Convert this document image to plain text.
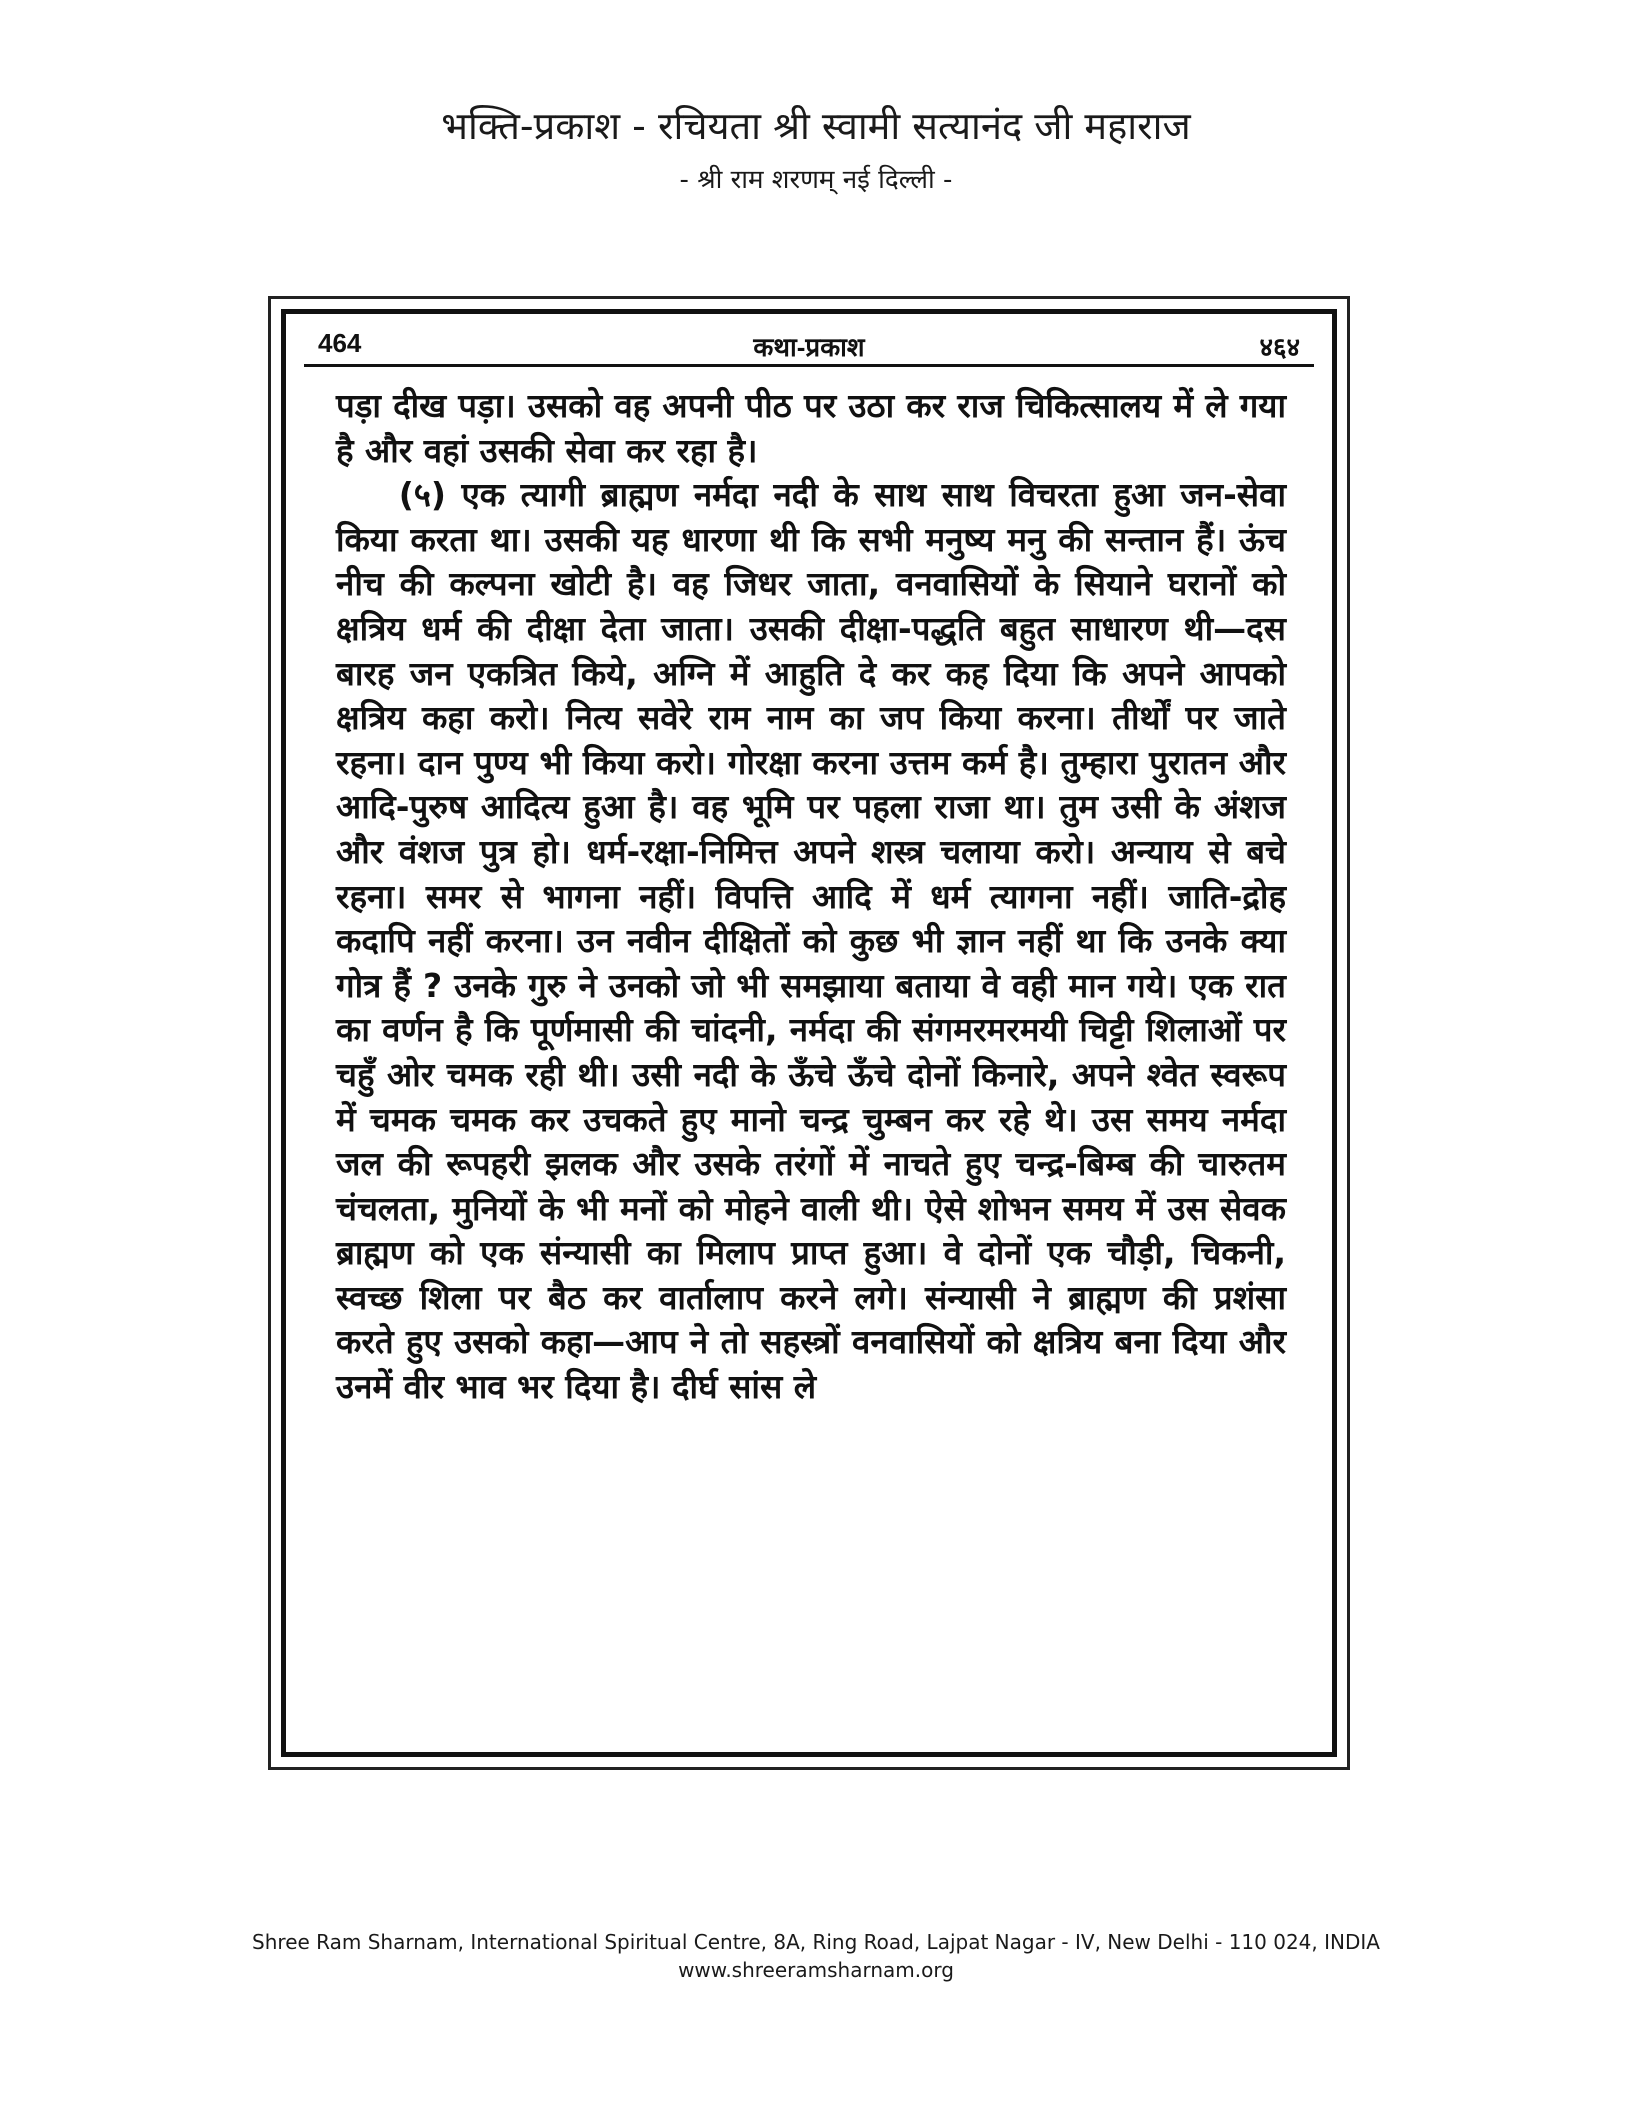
भक्ति-प्रकाश - रचियता श्री स्वामी सत्यानंद जी महाराज
- श्री राम शरणम् नई दिल्ली -
464	कथा-प्रकाश	४६४

पड़ा दीख पड़ा। उसको वह अपनी पीठ पर उठा कर राज चिकित्सालय में ले गया है और वहां उसकी सेवा कर रहा है।

(५) एक त्यागी ब्राह्मण नर्मदा नदी के साथ साथ विचरता हुआ जन-सेवा किया करता था। उसकी यह धारणा थी कि सभी मनुष्य मनु की सन्तान हैं। ऊंच नीच की कल्पना खोटी है। वह जिधर जाता, वनवासियों के सियाने घरानों को क्षत्रिय धर्म की दीक्षा देता जाता। उसकी दीक्षा-पद्धति बहुत साधारण थी—दस बारह जन एकत्रित किये, अग्नि में आहुति दे कर कह दिया कि अपने आपको क्षत्रिय कहा करो। नित्य सवेरे राम नाम का जप किया करना। तीर्थों पर जाते रहना। दान पुण्य भी किया करो। गोरक्षा करना उत्तम कर्म है। तुम्हारा पुरातन और आदि-पुरुष आदित्य हुआ है। वह भूमि पर पहला राजा था। तुम उसी के अंशज और वंशज पुत्र हो। धर्म-रक्षा-निमित्त अपने शस्त्र चलाया करो। अन्याय से बचे रहना। समर से भागना नहीं। विपत्ति आदि में धर्म त्यागना नहीं। जाति-द्रोह कदापि नहीं करना। उन नवीन दीक्षितों को कुछ भी ज्ञान नहीं था कि उनके क्या गोत्र हैं ? उनके गुरु ने उनको जो भी समझाया बताया वे वही मान गये। एक रात का वर्णन है कि पूर्णमासी की चांदनी, नर्मदा की संगमरमरमयी चिट्टी शिलाओं पर चहुँ ओर चमक रही थी। उसी नदी के ऊँचे ऊँचे दोनों किनारे, अपने श्वेत स्वरूप में चमक चमक कर उचकते हुए मानो चन्द्र चुम्बन कर रहे थे। उस समय नर्मदा जल की रूपहरी झलक और उसके तरंगों में नाचते हुए चन्द्र-बिम्ब की चारुतम चंचलता, मुनियों के भी मनों को मोहने वाली थी। ऐसे शोभन समय में उस सेवक ब्राह्मण को एक संन्यासी का मिलाप प्राप्त हुआ। वे दोनों एक चौड़ी, चिकनी, स्वच्छ शिला पर बैठ कर वार्तालाप करने लगे। संन्यासी ने ब्राह्मण की प्रशंसा करते हुए उसको कहा—आप ने तो सहस्त्रों वनवासियों को क्षत्रिय बना दिया और उनमें वीर भाव भर दिया है। दीर्घ सांस ले

Shree Ram Sharnam, International Spiritual Centre, 8A, Ring Road, Lajpat Nagar - IV, New Delhi - 110 024, INDIA
www.shreeramsharnam.org
